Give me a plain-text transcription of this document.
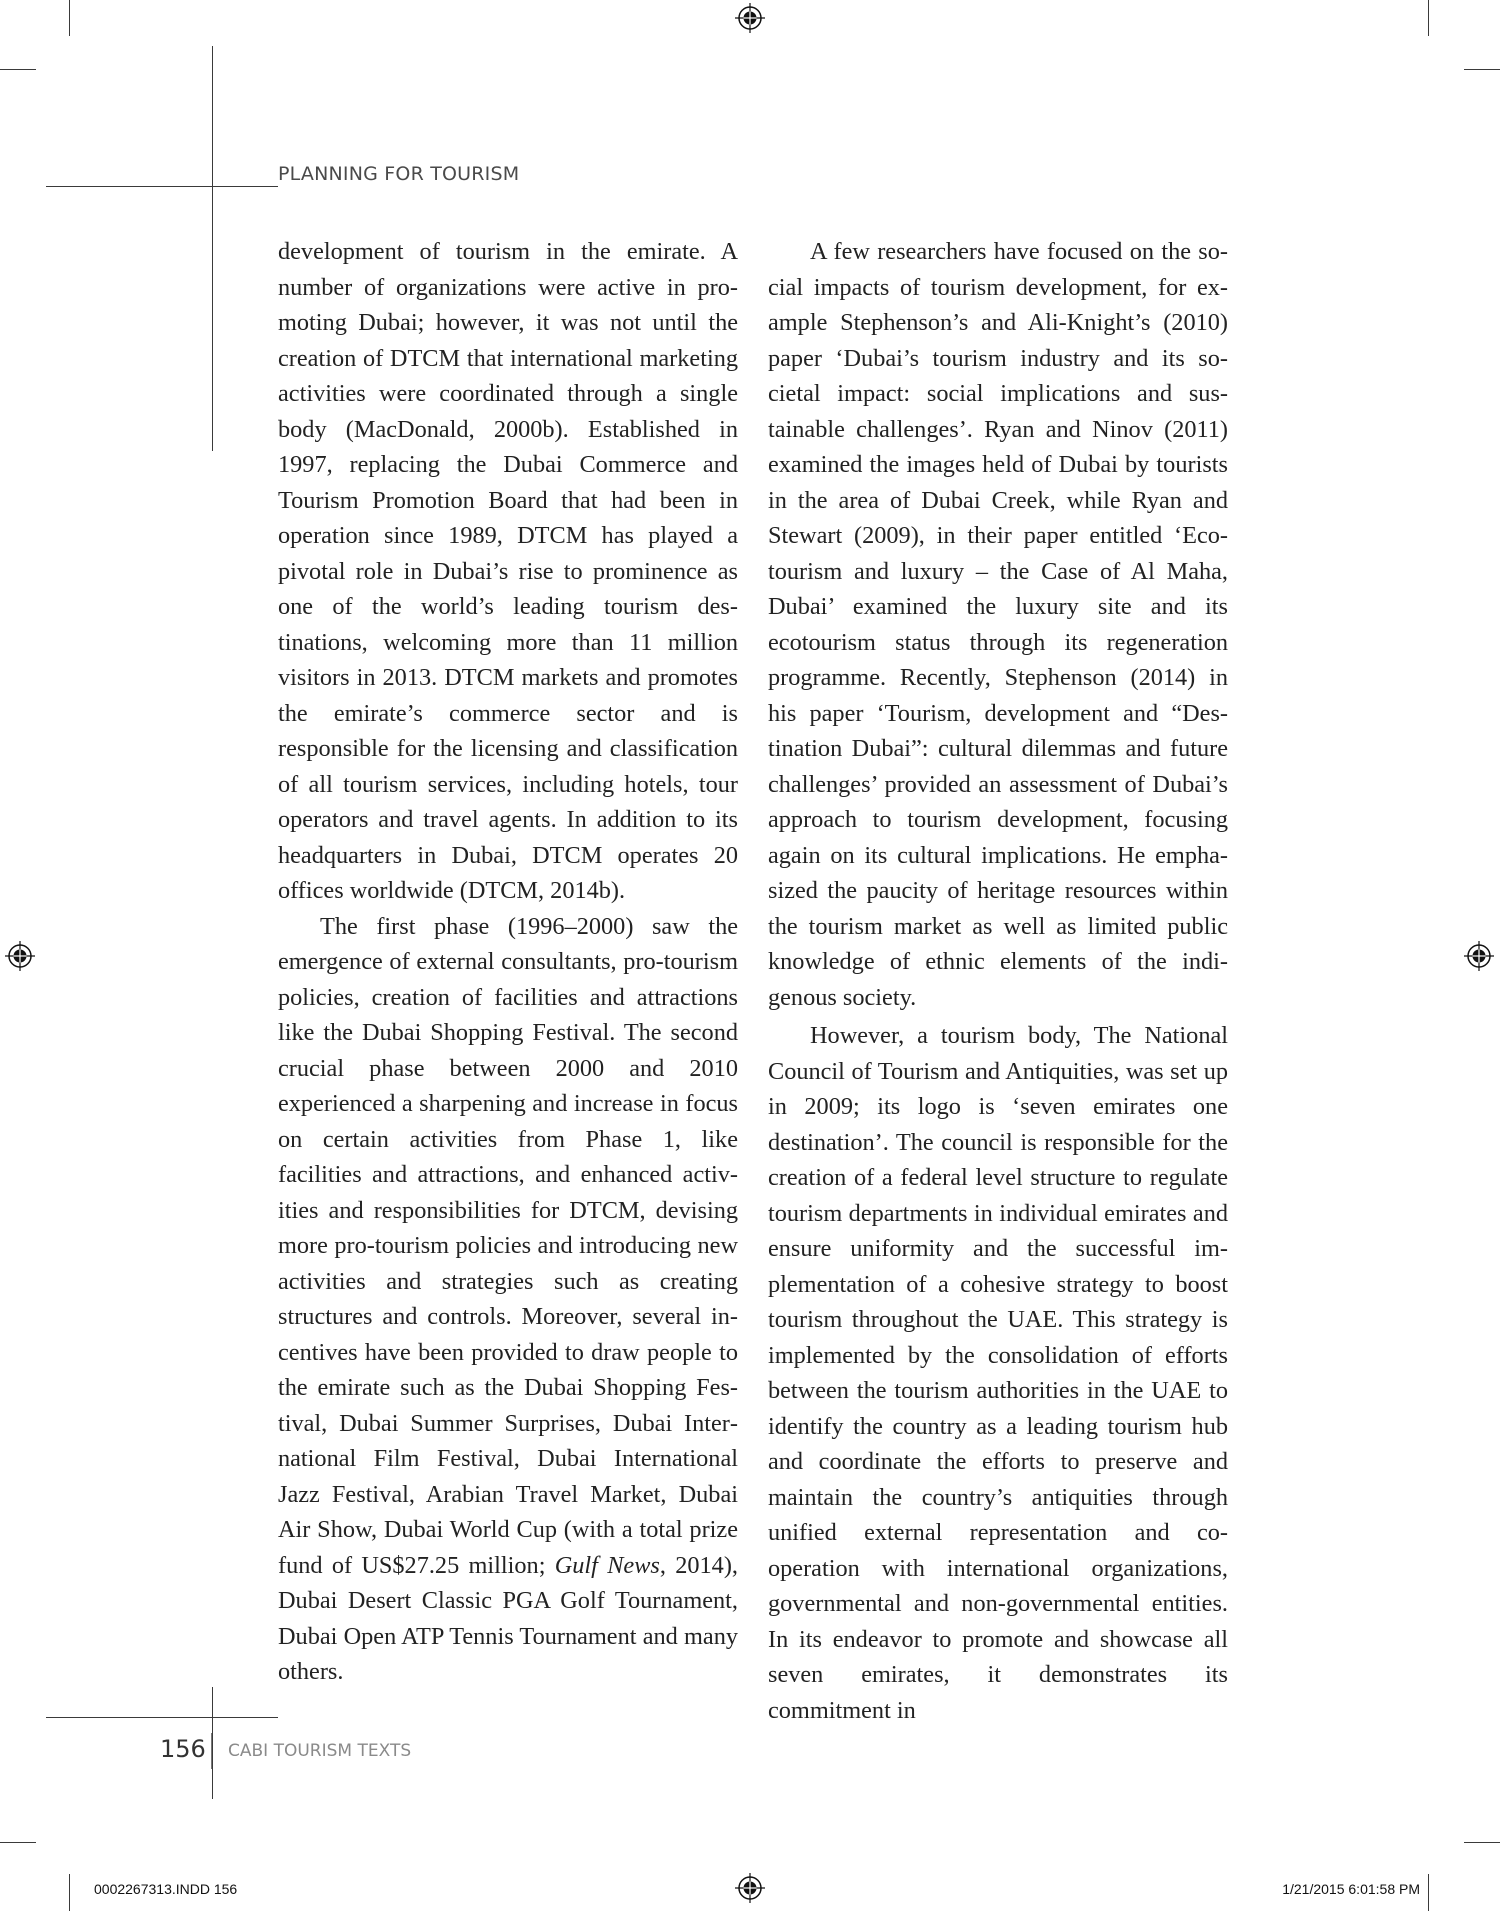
PLANNING FOR TOURISM

development of tourism in the emirate. A number of organizations were active in promoting Dubai; however, it was not until the creation of DTCM that international marketing activities were coordinated through a single body (MacDonald, 2000b). Established in 1997, replacing the Dubai Commerce and Tourism Promotion Board that had been in operation since 1989, DTCM has played a pivotal role in Dubai’s rise to prominence as one of the world’s leading tourism destinations, welcoming more than 11 million visitors in 2013. DTCM markets and promotes the emirate’s commerce sector and is responsible for the licensing and classification of all tourism services, including hotels, tour operators and travel agents. In addition to its headquarters in Dubai, DTCM operates 20 offices worldwide (DTCM, 2014b).

The first phase (1996–2000) saw the emergence of external consultants, pro-tourism policies, creation of facilities and attractions like the Dubai Shopping Festival. The second crucial phase between 2000 and 2010 experienced a sharpening and increase in focus on certain activities from Phase 1, like facilities and attractions, and enhanced activities and responsibilities for DTCM, devising more pro-tourism policies and introducing new activities and strategies such as creating structures and controls. Moreover, several incentives have been provided to draw people to the emirate such as the Dubai Shopping Festival, Dubai Summer Surprises, Dubai International Film Festival, Dubai International Jazz Festival, Arabian Travel Market, Dubai Air Show, Dubai World Cup (with a total prize fund of US$27.25 million; Gulf News, 2014), Dubai Desert Classic PGA Golf Tournament, Dubai Open ATP Tennis Tournament and many others.

A few researchers have focused on the social impacts of tourism development, for example Stephenson’s and Ali-Knight’s (2010) paper ‘Dubai’s tourism industry and its societal impact: social implications and sustainable challenges’. Ryan and Ninov (2011) examined the images held of Dubai by tourists in the area of Dubai Creek, while Ryan and Stewart (2009), in their paper entitled ‘Eco-tourism and luxury – the Case of Al Maha, Dubai’ examined the luxury site and its ecotourism status through its regeneration programme. Recently, Stephenson (2014) in his paper ‘Tourism, development and “Destination Dubai”: cultural dilemmas and future challenges’ provided an assessment of Dubai’s approach to tourism development, focusing again on its cultural implications. He emphasized the paucity of heritage resources within the tourism market as well as limited public knowledge of ethnic elements of the indigenous society.

However, a tourism body, The National Council of Tourism and Antiquities, was set up in 2009; its logo is ‘seven emirates one destination’. The council is responsible for the creation of a federal level structure to regulate tourism departments in individual emirates and ensure uniformity and the successful implementation of a cohesive strategy to boost tourism throughout the UAE. This strategy is implemented by the consolidation of efforts between the tourism authorities in the UAE to identify the country as a leading tourism hub and coordinate the efforts to preserve and maintain the country’s antiquities through unified external representation and co-operation with international organizations, governmental and non-governmental entities. In its endeavor to promote and showcase all seven emirates, it demonstrates its commitment in

156 CABI TOURISM TEXTS
0002267313.INDD 156	1/21/2015 6:01:58 PM
